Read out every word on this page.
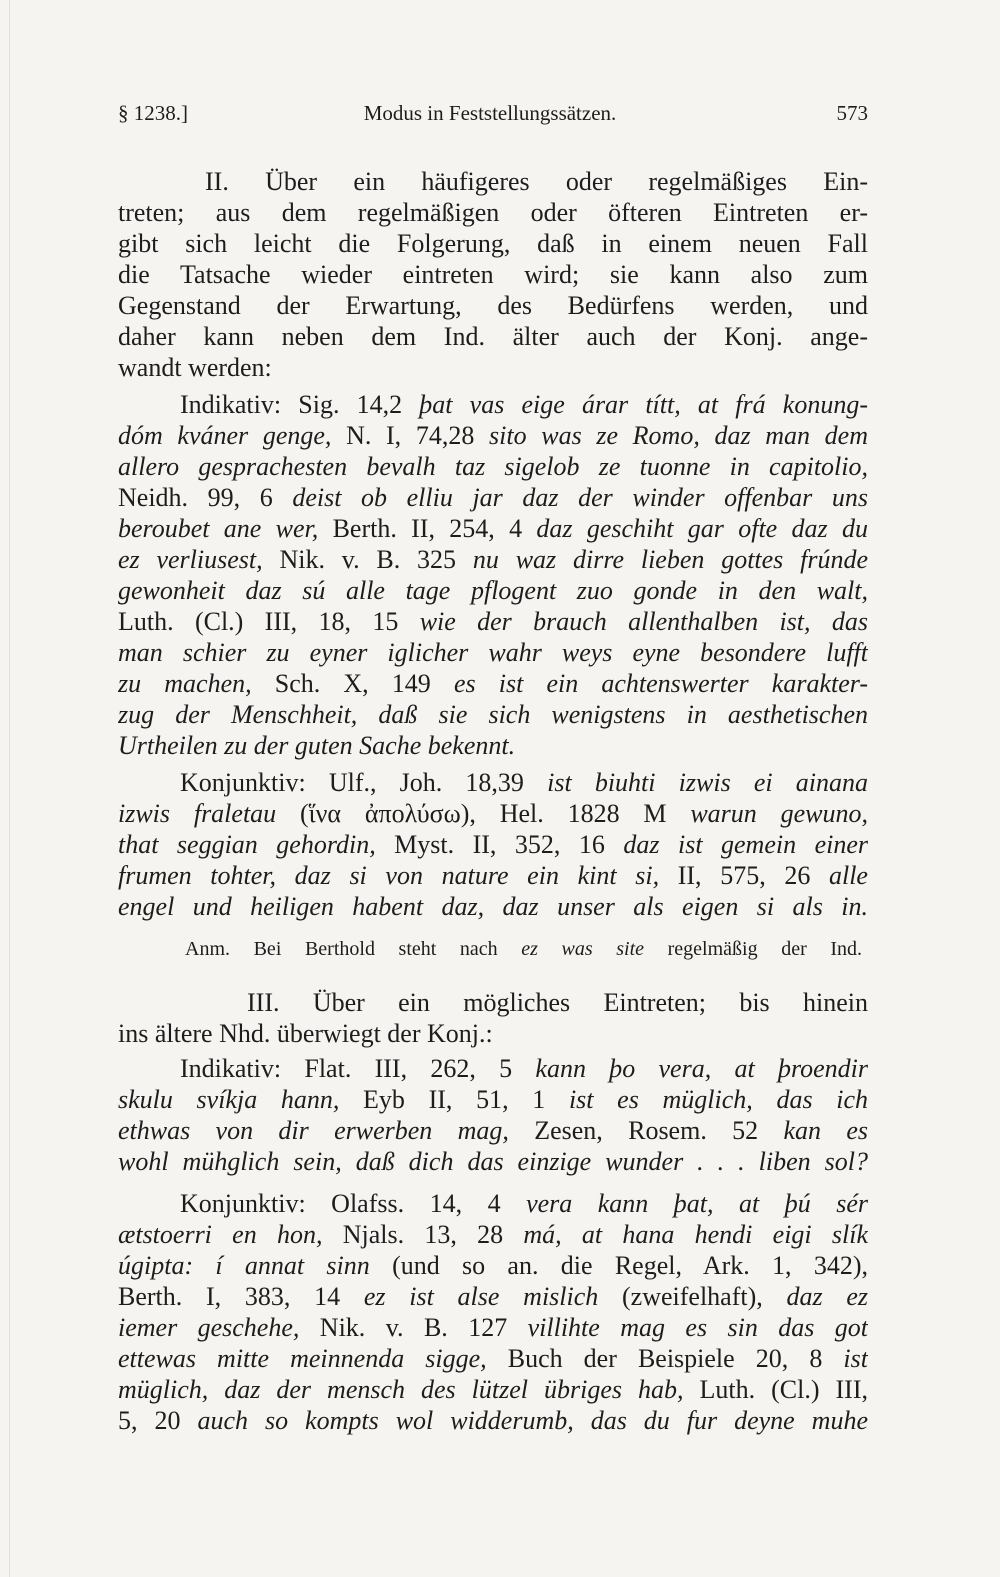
§ 1238.]	Modus in Feststellungssätzen.	573
II. Über ein häufigeres oder regelmäßiges Ein-
treten; aus dem regelmäßigen oder öfteren Eintreten er-
gibt sich leicht die Folgerung, daß in einem neuen Fall
die Tatsache wieder eintreten wird; sie kann also zum
Gegenstand der Erwartung, des Bedürfens werden, und
daher kann neben dem Ind. älter auch der Konj. ange-
wandt werden:
Indikativ: Sig. 14,2 þat vas eige árar títt, at frá konung-
dóm kváner genge, N. I, 74,28 sito was ze Romo, daz man dem
allero gesprachesten bevalh taz sigelob ze tuonne in capitolio,
Neidh. 99, 6 deist ob elliu jar daz der winder offenbar uns
beroubet ane wer, Berth. II, 254, 4 daz geschiht gar ofte daz du
ez verliusest, Nik. v. B. 325 nu waz dirre lieben gottes frúnde
gewonheit daz sú alle tage pflogent zuo gonde in den walt,
Luth. (Cl.) III, 18, 15 wie der brauch allenthalben ist, das
man schier zu eyner iglicher wahr weys eyne besondere lufft
zu machen, Sch. X, 149 es ist ein achtenswerter karakter-
zug der Menschheit, daß sie sich wenigstens in aesthetischen
Urtheilen zu der guten Sache bekennt.
Konjunktiv: Ulf., Joh. 18,39 ist biuhti izwis ei ainana
izwis fraletau (ἵνα ἀπολύσω), Hel. 1828 M warun gewuno,
that seggian gehordin, Myst. II, 352, 16 daz ist gemein einer
frumen tohter, daz si von nature ein kint si, II, 575, 26 alle
engel und heiligen habent daz, daz unser als eigen si als in.
Anm. Bei Berthold steht nach ez was site regelmäßig der Ind.
III. Über ein mögliches Eintreten; bis hinein
ins ältere Nhd. überwiegt der Konj.:
Indikativ: Flat. III, 262, 5 kann þo vera, at þroendir
skulu svíkja hann, Eyb II, 51, 1 ist es müglich, das ich
ethwas von dir erwerben mag, Zesen, Rosem. 52 kan es
wohl mühglich sein, daß dich das einzige wunder . . . liben sol?
Konjunktiv: Olafss. 14, 4 vera kann þat, at þú sér
ætstoerri en hon, Njals. 13, 28 má, at hana hendi eigi slík
úgipta: í annat sinn (und so an. die Regel, Ark. 1, 342),
Berth. I, 383, 14 ez ist alse mislich (zweifelhaft), daz ez
iemer geschehe, Nik. v. B. 127 villihte mag es sin das got
ettewas mitte meinnenda sigge, Buch der Beispiele 20, 8 ist
müglich, daz der mensch des lützel übriges hab, Luth. (Cl.) III,
5, 20 auch so kompts wol widderumb, das du fur deyne muhe
